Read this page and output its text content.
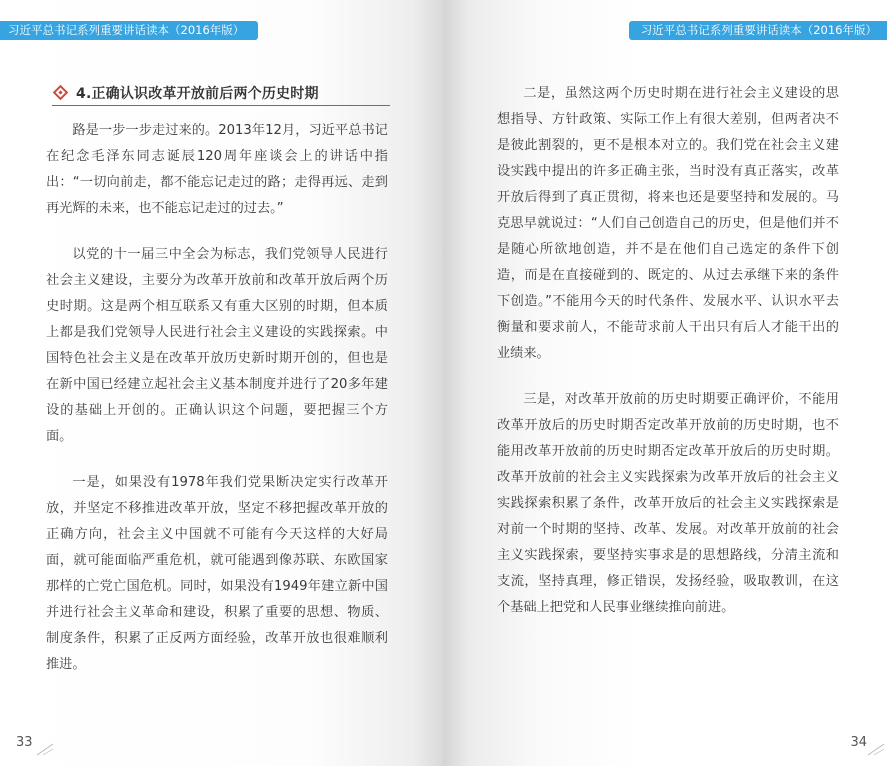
习近平总书记系列重要讲话读本（2016年版）
4.正确认识改革开放前后两个历史时期

路是一步一步走过来的。2013年12月，习近平总书记在纪念毛泽东同志诞辰120周年座谈会上的讲话中指出：“一切向前走，都不能忘记走过的路；走得再远、走到再光辉的未来，也不能忘记走过的过去。”

以党的十一届三中全会为标志，我们党领导人民进行社会主义建设，主要分为改革开放前和改革开放后两个历史时期。这是两个相互联系又有重大区别的时期，但本质上都是我们党领导人民进行社会主义建设的实践探索。中国特色社会主义是在改革开放历史新时期开创的，但也是在新中国已经建立起社会主义基本制度并进行了20多年建设的基础上开创的。正确认识这个问题，要把握三个方面。

一是，如果没有1978年我们党果断决定实行改革开放，并坚定不移推进改革开放，坚定不移把握改革开放的正确方向，社会主义中国就不可能有今天这样的大好局面，就可能面临严重危机，就可能遇到像苏联、东欧国家那样的亡党亡国危机。同时，如果没有1949年建立新中国并进行社会主义革命和建设，积累了重要的思想、物质、制度条件，积累了正反两方面经验，改革开放也很难顺利推进。

33
习近平总书记系列重要讲话读本（2016年版）

二是，虽然这两个历史时期在进行社会主义建设的思想指导、方针政策、实际工作上有很大差别，但两者决不是彼此割裂的，更不是根本对立的。我们党在社会主义建设实践中提出的许多正确主张，当时没有真正落实，改革开放后得到了真正贯彻，将来也还是要坚持和发展的。马克思早就说过：“人们自己创造自己的历史，但是他们并不是随心所欲地创造，并不是在他们自己选定的条件下创造，而是在直接碰到的、既定的、从过去承继下来的条件下创造。”不能用今天的时代条件、发展水平、认识水平去衡量和要求前人，不能苛求前人干出只有后人才能干出的业绩来。

三是，对改革开放前的历史时期要正确评价，不能用改革开放后的历史时期否定改革开放前的历史时期，也不能用改革开放前的历史时期否定改革开放后的历史时期。改革开放前的社会主义实践探索为改革开放后的社会主义实践探索积累了条件，改革开放后的社会主义实践探索是对前一个时期的坚持、改革、发展。对改革开放前的社会主义实践探索，要坚持实事求是的思想路线，分清主流和支流，坚持真理，修正错误，发扬经验，吸取教训，在这个基础上把党和人民事业继续推向前进。

34
